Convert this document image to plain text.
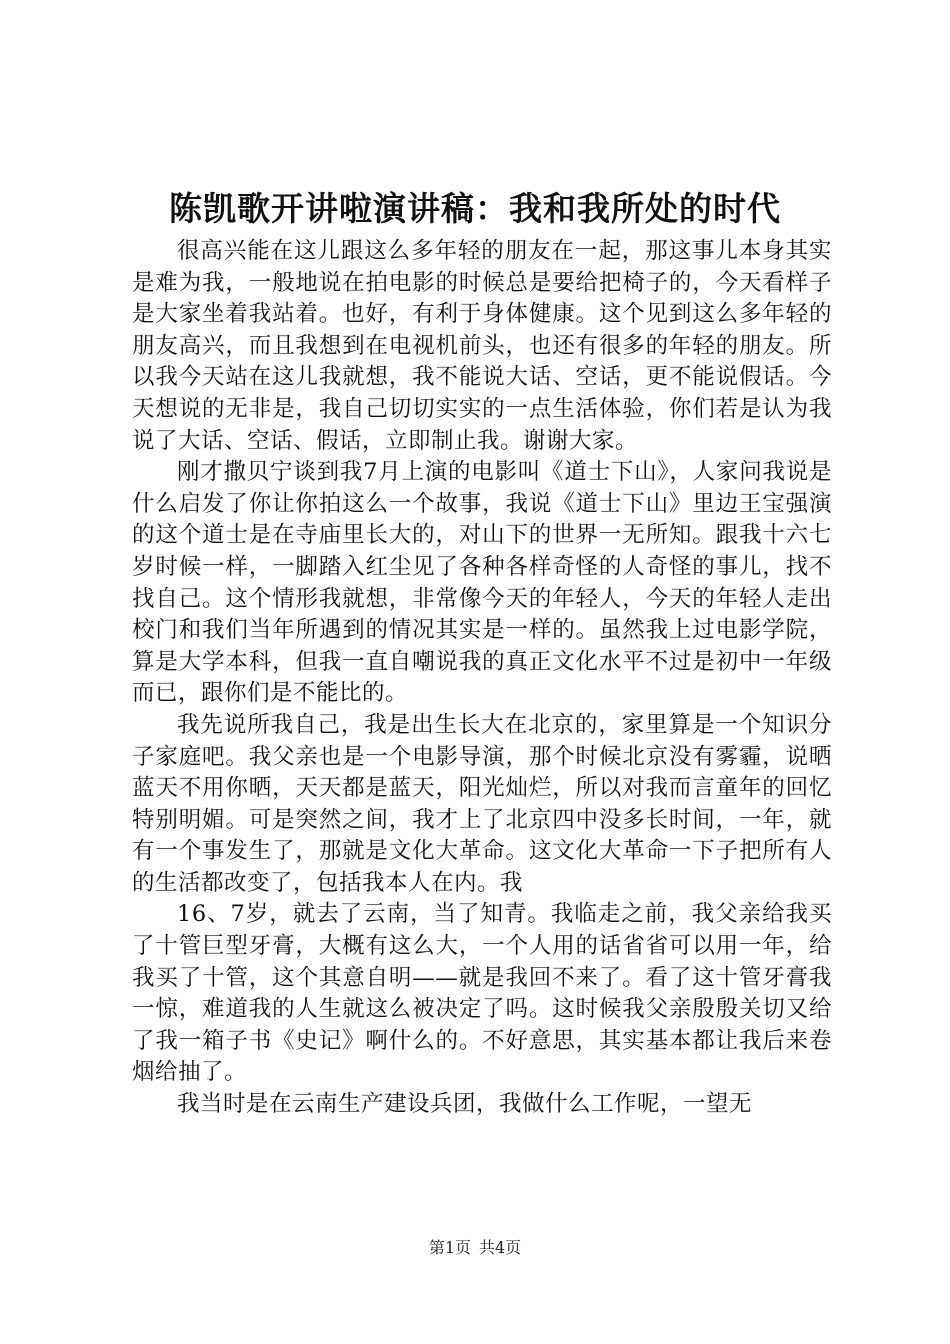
陈凯歌开讲啦演讲稿：我和我所处的时代

很高兴能在这儿跟这么多年轻的朋友在一起，那这事儿本身其实是难为我，一般地说在拍电影的时候总是要给把椅子的，今天看样子是大家坐着我站着。也好，有利于身体健康。这个见到这么多年轻的朋友高兴，而且我想到在电视机前头，也还有很多的年轻的朋友。所以我今天站在这儿我就想，我不能说大话、空话，更不能说假话。今天想说的无非是，我自己切切实实的一点生活体验，你们若是认为我说了大话、空话、假话，立即制止我。谢谢大家。

刚才撒贝宁谈到我7月上演的电影叫《道士下山》，人家问我说是什么启发了你让你拍这么一个故事，我说《道士下山》里边王宝强演的这个道士是在寺庙里长大的，对山下的世界一无所知。跟我十六七岁时候一样，一脚踏入红尘见了各种各样奇怪的人奇怪的事儿，找不找自己。这个情形我就想，非常像今天的年轻人，今天的年轻人走出校门和我们当年所遇到的情况其实是一样的。虽然我上过电影学院，算是大学本科，但我一直自嘲说我的真正文化水平不过是初中一年级而已，跟你们是不能比的。

我先说所我自己，我是出生长大在北京的，家里算是一个知识分子家庭吧。我父亲也是一个电影导演，那个时候北京没有雾霾，说晒蓝天不用你晒，天天都是蓝天，阳光灿烂，所以对我而言童年的回忆特别明媚。可是突然之间，我才上了北京四中没多长时间，一年，就有一个事发生了，那就是文化大革命。这文化大革命一下子把所有人的生活都改变了，包括我本人在内。我

16、7岁，就去了云南，当了知青。我临走之前，我父亲给我买了十管巨型牙膏，大概有这么大，一个人用的话省省可以用一年，给我买了十管，这个其意自明——就是我回不来了。看了这十管牙膏我一惊，难道我的人生就这么被决定了吗。这时候我父亲殷殷关切又给了我一箱子书《史记》啊什么的。不好意思，其实基本都让我后来卷烟给抽了。

我当时是在云南生产建设兵团，我做什么工作呢，一望无

第1页 共4页
